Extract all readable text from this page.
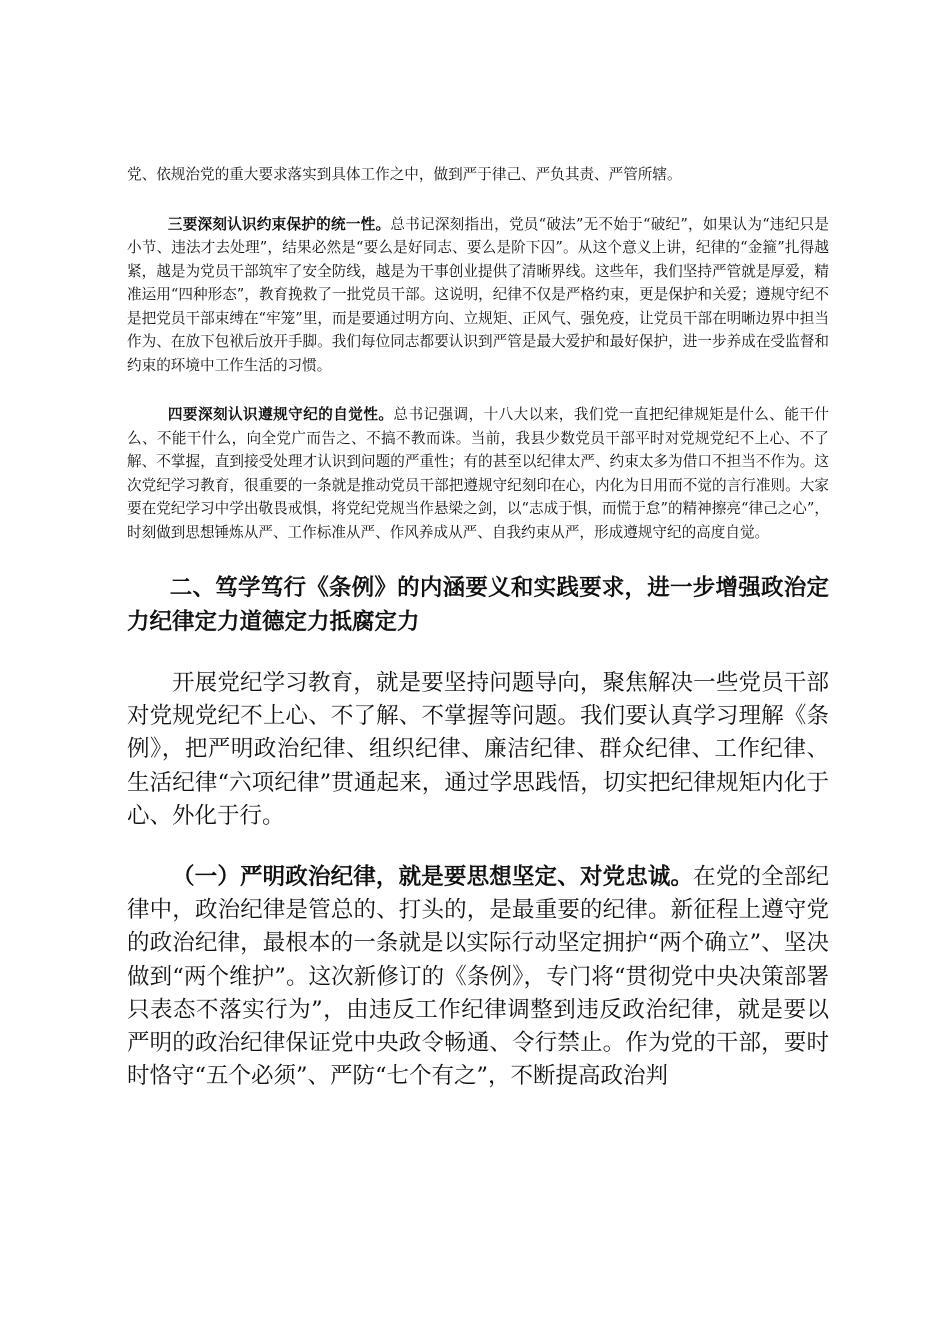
党、依规治党的重大要求落实到具体工作之中，做到严于律己、严负其责、严管所辖。

三要深刻认识约束保护的统一性。总书记深刻指出，党员“破法”无不始于“破纪”，如果认为“违纪只是小节、违法才去处理”，结果必然是“要么是好同志、要么是阶下囚”。从这个意义上讲，纪律的“金箍”扎得越紧，越是为党员干部筑牢了安全防线，越是为干事创业提供了清晰界线。这些年，我们坚持严管就是厚爱，精准运用“四种形态”，教育挽救了一批党员干部。这说明，纪律不仅是严格约束，更是保护和关爱；遵规守纪不是把党员干部束缚在“牢笼”里，而是要通过明方向、立规矩、正风气、强免疫，让党员干部在明晰边界中担当作为、在放下包袱后放开手脚。我们每位同志都要认识到严管是最大爱护和最好保护，进一步养成在受监督和约束的环境中工作生活的习惯。

四要深刻认识遵规守纪的自觉性。总书记强调，十八大以来，我们党一直把纪律规矩是什么、能干什么、不能干什么，向全党广而告之、不搞不教而诛。当前，我县少数党员干部平时对党规党纪不上心、不了解、不掌握，直到接受处理才认识到问题的严重性；有的甚至以纪律太严、约束太多为借口不担当不作为。这次党纪学习教育，很重要的一条就是推动党员干部把遵规守纪刻印在心，内化为日用而不觉的言行准则。大家要在党纪学习中学出敬畏戒惧，将党纪党规当作悬梁之剑，以“志成于惧，而慌于怠”的精神擦亮“律己之心”，时刻做到思想锤炼从严、工作标准从严、作风养成从严、自我约束从严，形成遵规守纪的高度自觉。

二、笃学笃行《条例》的内涵要义和实践要求，进一步增强政治定力纪律定力道德定力抵腐定力

开展党纪学习教育，就是要坚持问题导向，聚焦解决一些党员干部对党规党纪不上心、不了解、不掌握等问题。我们要认真学习理解《条例》，把严明政治纪律、组织纪律、廉洁纪律、群众纪律、工作纪律、生活纪律“六项纪律”贯通起来，通过学思践悟，切实把纪律规矩内化于心、外化于行。

（一）严明政治纪律，就是要思想坚定、对党忠诚。在党的全部纪律中，政治纪律是管总的、打头的，是最重要的纪律。新征程上遵守党的政治纪律，最根本的一条就是以实际行动坚定拥护“两个确立”、坚决做到“两个维护”。这次新修订的《条例》，专门将“贯彻党中央决策部署只表态不落实行为”，由违反工作纪律调整到违反政治纪律，就是要以严明的政治纪律保证党中央政令畅通、令行禁止。作为党的干部，要时时恪守“五个必须”、严防“七个有之”，不断提高政治判
